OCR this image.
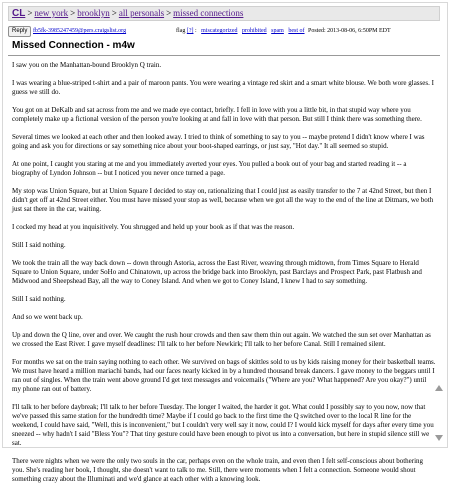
CL > new york > brooklyn > all personals > missed connections
Reply fb5fk-3985247459@pers.craigslist.org	flag [?] : miscategorized prohibited spam best of Posted: 2013-08-06, 6:50PM EDT
Missed Connection - m4w

I saw you on the Manhattan-bound Brooklyn Q train.

I was wearing a blue-striped t-shirt and a pair of maroon pants. You were wearing a vintage red skirt and a smart white blouse. We both wore glasses. I guess we still do.

You got on at DeKalb and sat across from me and we made eye contact, briefly. I fell in love with you a little bit, in that stupid way where you completely make up a fictional version of the person you're looking at and fall in love with that person. But still I think there was something there.

Several times we looked at each other and then looked away. I tried to think of something to say to you -- maybe pretend I didn't know where I was going and ask you for directions or say something nice about your boot-shaped earrings, or just say, "Hot day." It all seemed so stupid.

At one point, I caught you staring at me and you immediately averted your eyes. You pulled a book out of your bag and started reading it -- a biography of Lyndon Johnson -- but I noticed you never once turned a page.

My stop was Union Square, but at Union Square I decided to stay on, rationalizing that I could just as easily transfer to the 7 at 42nd Street, but then I didn't get off at 42nd Street either. You must have missed your stop as well, because when we got all the way to the end of the line at Ditmars, we both just sat there in the car, waiting.

I cocked my head at you inquisitively. You shrugged and held up your book as if that was the reason.

Still I said nothing.

We took the train all the way back down -- down through Astoria, across the East River, weaving through midtown, from Times Square to Herald Square to Union Square, under SoHo and Chinatown, up across the bridge back into Brooklyn, past Barclays and Prospect Park, past Flatbush and Midwood and Sheepshead Bay, all the way to Coney Island. And when we got to Coney Island, I knew I had to say something.

Still I said nothing.

And so we went back up.

Up and down the Q line, over and over. We caught the rush hour crowds and then saw them thin out again. We watched the sun set over Manhattan as we crossed the East River. I gave myself deadlines: I'll talk to her before Newkirk; I'll talk to her before Canal. Still I remained silent.

For months we sat on the train saying nothing to each other. We survived on bags of skittles sold to us by kids raising money for their basketball teams. We must have heard a million mariachi bands, had our faces nearly kicked in by a hundred thousand break dancers. I gave money to the beggars until I ran out of singles. When the train went above ground I'd get text messages and voicemails ("Where are you? What happened? Are you okay?") until my phone ran out of battery.

I'll talk to her before daybreak; I'll talk to her before Tuesday. The longer I waited, the harder it got. What could I possibly say to you now, now that we've passed this same station for the hundredth time? Maybe if I could go back to the first time the Q switched over to the local R line for the weekend, I could have said, "Well, this is inconvenient," but I couldn't very well say it now, could I? I would kick myself for days after every time you sneezed -- why hadn't I said "Bless You"? That tiny gesture could have been enough to pivot us into a conversation, but here in stupid silence still we sat.

There were nights when we were the only two souls in the car, perhaps even on the whole train, and even then I felt self-conscious about bothering you. She's reading her book, I thought, she doesn't want to talk to me. Still, there were moments when I felt a connection. Someone would shout something crazy about the Illuminati and we'd glance at each other with a knowing look.
